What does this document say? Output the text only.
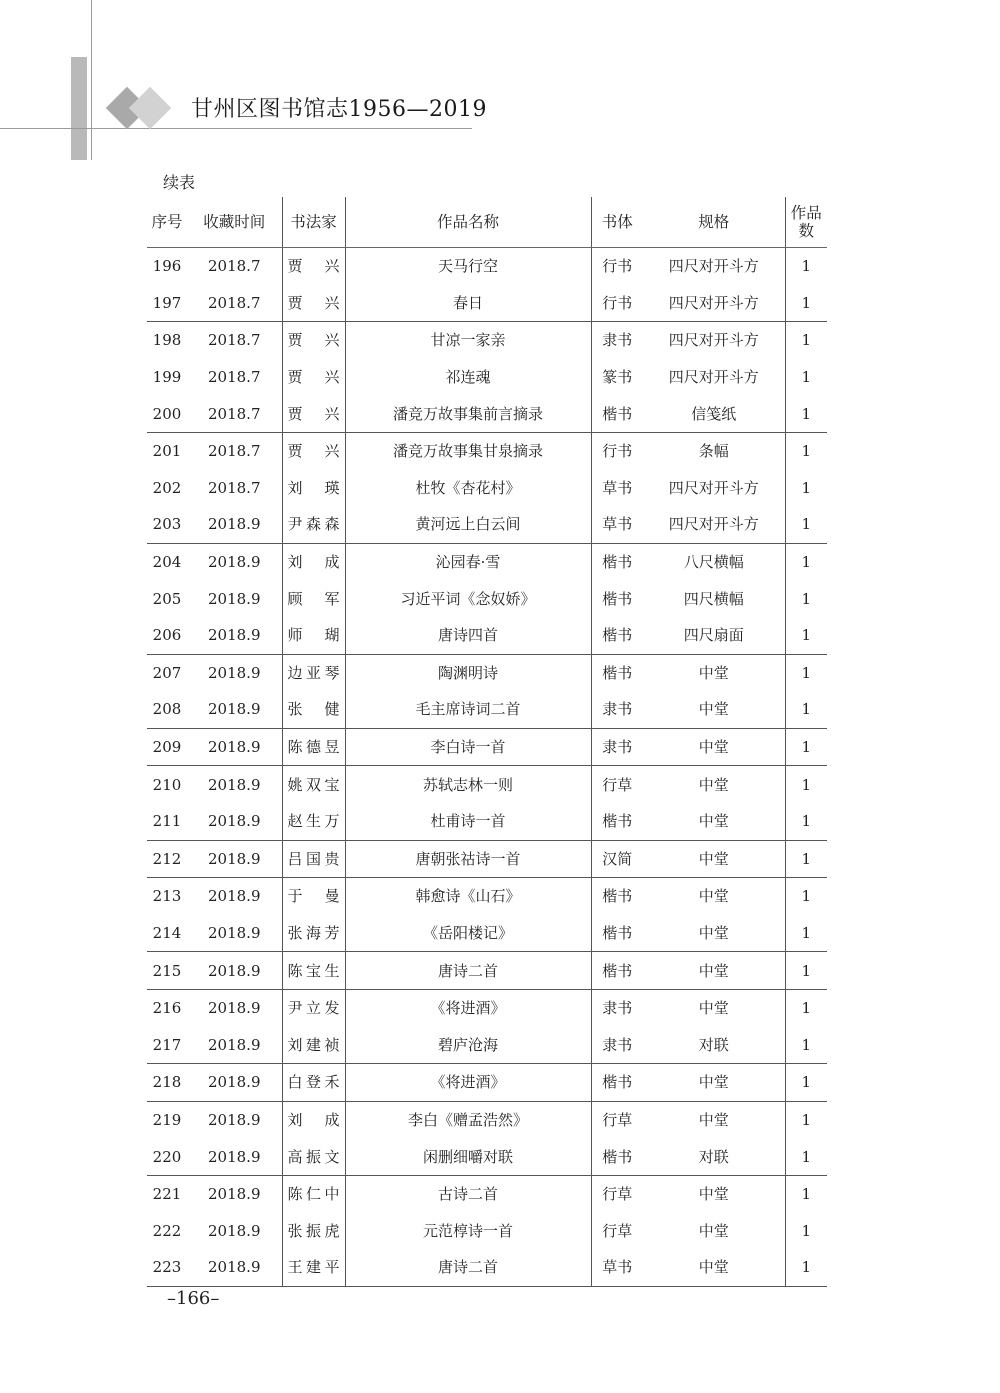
甘州区图书馆志1956—2019
续表
序号	收藏时间	书法家	作品名称	书体	规格	作品数
196	2018.7	贾 兴	天马行空	行书	四尺对开斗方	1
197	2018.7	贾 兴	春日	行书	四尺对开斗方	1
198	2018.7	贾 兴	甘凉一家亲	隶书	四尺对开斗方	1
199	2018.7	贾 兴	祁连魂	篆书	四尺对开斗方	1
200	2018.7	贾 兴	潘竞万故事集前言摘录	楷书	信笺纸	1
201	2018.7	贾 兴	潘竞万故事集甘泉摘录	行书	条幅	1
202	2018.7	刘 瑛	杜牧《杏花村》	草书	四尺对开斗方	1
203	2018.9	尹森森	黄河远上白云间	草书	四尺对开斗方	1
204	2018.9	刘 成	沁园春·雪	楷书	八尺横幅	1
205	2018.9	顾 军	习近平词《念奴娇》	楷书	四尺横幅	1
206	2018.9	师 瑚	唐诗四首	楷书	四尺扇面	1
207	2018.9	边亚琴	陶渊明诗	楷书	中堂	1
208	2018.9	张 健	毛主席诗词二首	隶书	中堂	1
209	2018.9	陈德昱	李白诗一首	隶书	中堂	1
210	2018.9	姚双宝	苏轼志林一则	行草	中堂	1
211	2018.9	赵生万	杜甫诗一首	楷书	中堂	1
212	2018.9	吕国贵	唐朝张祜诗一首	汉简	中堂	1
213	2018.9	于 曼	韩愈诗《山石》	楷书	中堂	1
214	2018.9	张海芳	《岳阳楼记》	楷书	中堂	1
215	2018.9	陈宝生	唐诗二首	楷书	中堂	1
216	2018.9	尹立发	《将进酒》	隶书	中堂	1
217	2018.9	刘建祯	碧庐沧海	隶书	对联	1
218	2018.9	白登禾	《将进酒》	楷书	中堂	1
219	2018.9	刘 成	李白《赠孟浩然》	行草	中堂	1
220	2018.9	高振文	闲删细嚼对联	楷书	对联	1
221	2018.9	陈仁中	古诗二首	行草	中堂	1
222	2018.9	张振虎	元范椁诗一首	行草	中堂	1
223	2018.9	王建平	唐诗二首	草书	中堂	1
–166–
